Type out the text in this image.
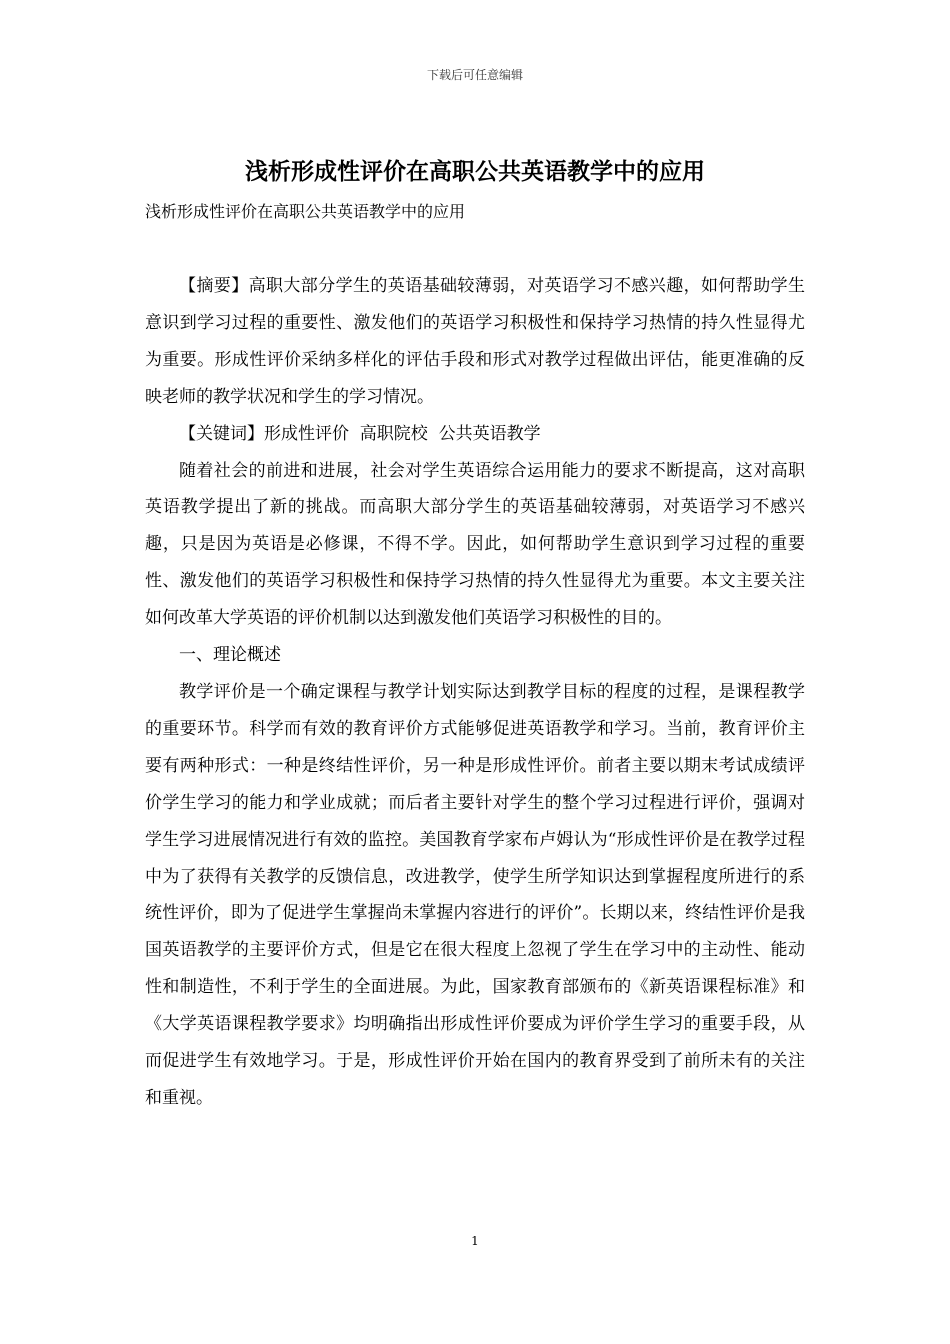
下载后可任意编辑
浅析形成性评价在高职公共英语教学中的应用
浅析形成性评价在高职公共英语教学中的应用

【摘要】高职大部分学生的英语基础较薄弱，对英语学习不感兴趣，如何帮助学生意识到学习过程的重要性、激发他们的英语学习积极性和保持学习热情的持久性显得尤为重要。形成性评价采纳多样化的评估手段和形式对教学过程做出评估，能更准确的反映老师的教学状况和学生的学习情况。

【关键词】形成性评价  高职院校  公共英语教学

随着社会的前进和进展，社会对学生英语综合运用能力的要求不断提高，这对高职英语教学提出了新的挑战。而高职大部分学生的英语基础较薄弱，对英语学习不感兴趣，只是因为英语是必修课，不得不学。因此，如何帮助学生意识到学习过程的重要性、激发他们的英语学习积极性和保持学习热情的持久性显得尤为重要。本文主要关注如何改革大学英语的评价机制以达到激发他们英语学习积极性的目的。

一、理论概述

教学评价是一个确定课程与教学计划实际达到教学目标的程度的过程，是课程教学的重要环节。科学而有效的教育评价方式能够促进英语教学和学习。当前，教育评价主要有两种形式：一种是终结性评价，另一种是形成性评价。前者主要以期末考试成绩评价学生学习的能力和学业成就；而后者主要针对学生的整个学习过程进行评价，强调对学生学习进展情况进行有效的监控。美国教育学家布卢姆认为“形成性评价是在教学过程中为了获得有关教学的反馈信息，改进教学，使学生所学知识达到掌握程度所进行的系统性评价，即为了促进学生掌握尚未掌握内容进行的评价”。长期以来，终结性评价是我国英语教学的主要评价方式，但是它在很大程度上忽视了学生在学习中的主动性、能动性和制造性，不利于学生的全面进展。为此，国家教育部颁布的《新英语课程标准》和《大学英语课程教学要求》均明确指出形成性评价要成为评价学生学习的重要手段，从而促进学生有效地学习。于是，形成性评价开始在国内的教育界受到了前所未有的关注和重视。

1
